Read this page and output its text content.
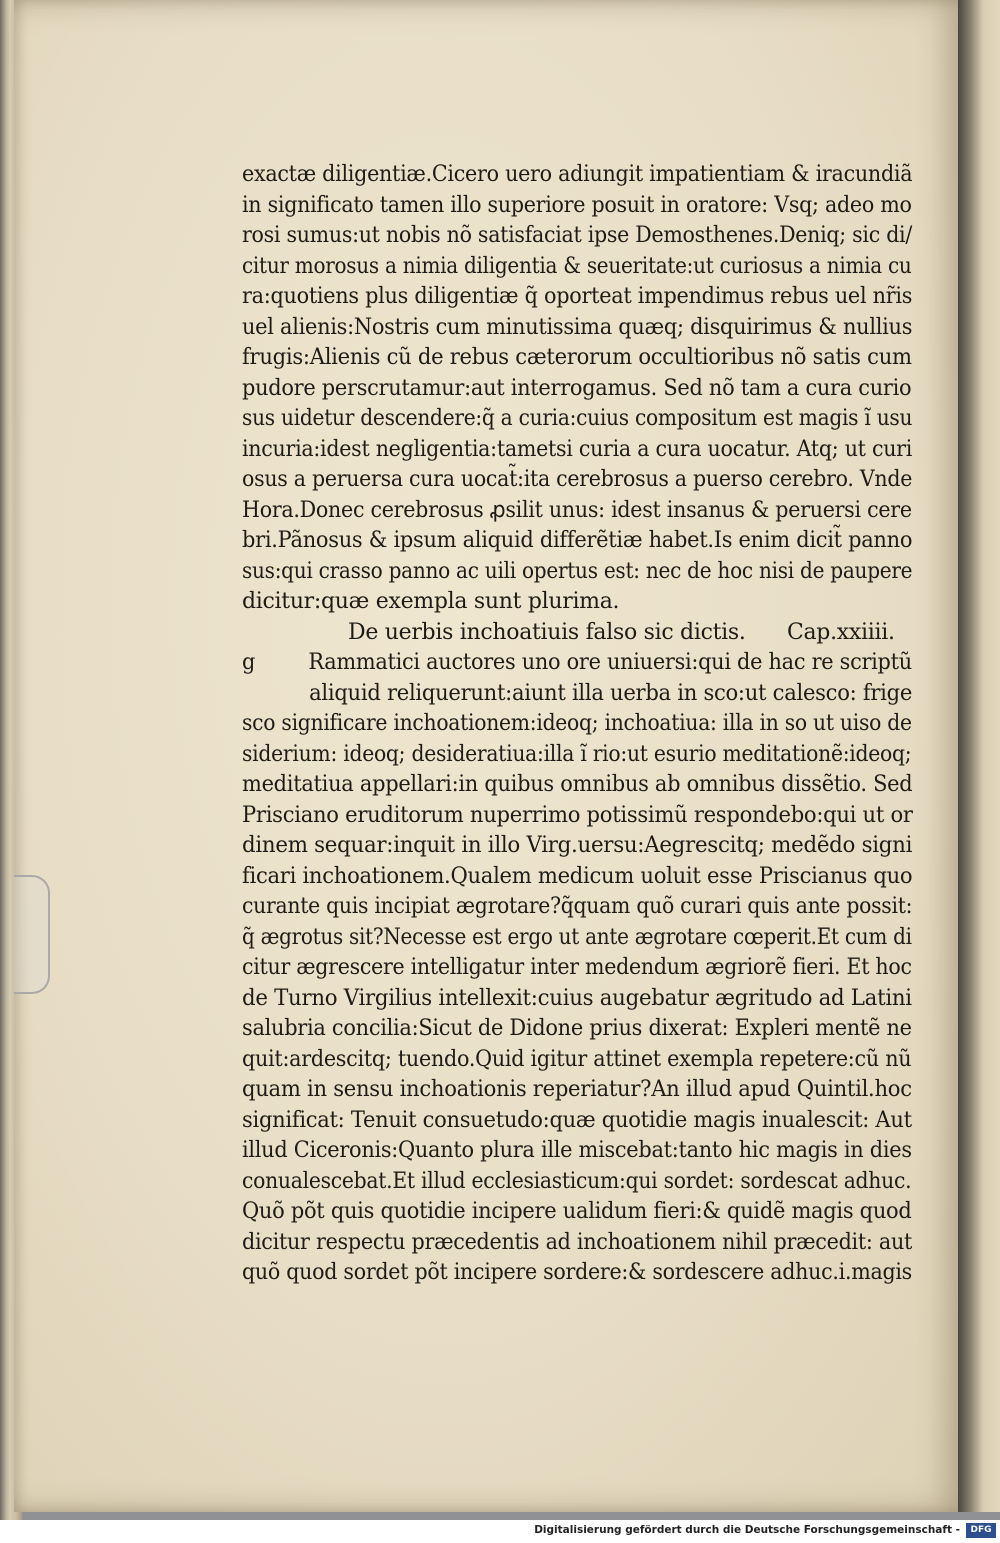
exactæ diligentiæ.Cicero uero adiungit impatientiam & iracundiã
in significato tamen illo superiore posuit in oratore: Vsq; adeo mo
rosi sumus:ut nobis nõ satisfaciat ipse Demosthenes.Deniq; sic di/
citur morosus a nimia diligentia & seueritate:ut curiosus a nimia cu
ra:quotiens plus diligentiæ q̃ oporteat impendimus rebus uel nr̃is
uel alienis:Nostris cum minutissima quæq; disquirimus & nullius
frugis:Alienis cũ de rebus cæterorum occultioribus nõ satis cum
pudore perscrutamur:aut interrogamus. Sed nõ tam a cura curio
sus uidetur descendere:q̃ a curia:cuius compositum est magis ĩ usu
incuria:idest negligentia:tametsi curia a cura uocatur. Atq; ut curi
osus a peruersa cura uocat̃:ita cerebrosus a puerso cerebro. Vnde
Hora.Donec cerebrosus ꝓsilit unus: idest insanus & peruersi cere
bri.Pãnosus & ipsum aliquid differẽtiæ habet.Is enim dicit̃ panno
sus:qui crasso panno ac uili opertus est: nec de hoc nisi de paupere
dicitur:quæ exempla sunt plurima.
De uerbis inchoatiuis falso sic dictis. Cap.xxiiii.
g Rammatici auctores uno ore uniuersi:qui de hac re scriptũ
aliquid reliquerunt:aiunt illa uerba in sco:ut calesco: frige
sco significare inchoationem:ideoq; inchoatiua: illa in so ut uiso de
siderium: ideoq; desideratiua:illa ĩ rio:ut esurio meditationẽ:ideoq;
meditatiua appellari:in quibus omnibus ab omnibus dissẽtio. Sed
Prisciano eruditorum nuperrimo potissimũ respondebo:qui ut or
dinem sequar:inquit in illo Virg.uersu:Aegrescitq; medẽdo signi
ficari inchoationem.Qualem medicum uoluit esse Priscianus quo
curante quis incipiat ægrotare?q̃quam quõ curari quis ante possit:
q̃ ægrotus sit?Necesse est ergo ut ante ægrotare cœperit.Et cum di
citur ægrescere intelligatur inter medendum ægriorẽ fieri. Et hoc
de Turno Virgilius intellexit:cuius augebatur ægritudo ad Latini
salubria concilia:Sicut de Didone prius dixerat: Expleri mentẽ ne
quit:ardescitq; tuendo.Quid igitur attinet exempla repetere:cũ nũ
quam in sensu inchoationis reperiatur?An illud apud Quintil.hoc
significat: Tenuit consuetudo:quæ quotidie magis inualescit: Aut
illud Ciceronis:Quanto plura ille miscebat:tanto hic magis in dies
conualescebat.Et illud ecclesiasticum:qui sordet: sordescat adhuc.
Quõ põt quis quotidie incipere ualidum fieri:& quidẽ magis quod
dicitur respectu præcedentis ad inchoationem nihil præcedit: aut
quõ quod sordet põt incipere sordere:& sordescere adhuc.i.magis
Digitalisierung gefördert durch die Deutsche Forschungsgemeinschaft -	DFG
